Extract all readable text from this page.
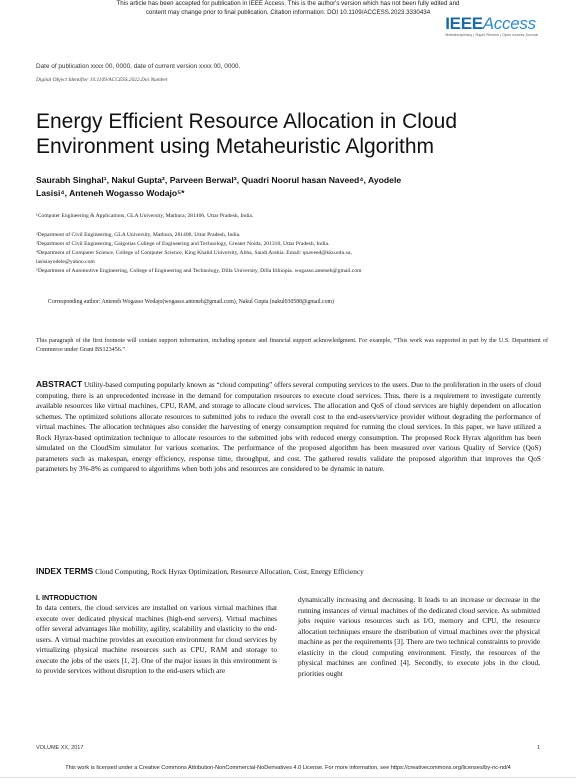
This article has been accepted for publication in IEEE Access. This is the author's version which has not been fully edited and
content may change prior to final publication. Citation information: DOI 10.1109/ACCESS.2023.3330434
IEEEAccess
Multidisciplinary | Rapid Review | Open Access Journal
Date of publication xxxx 00, 0000, date of current version xxxx 00, 0000.
Digital Object Identifier 10.1109/ACCESS.2022.Doi Number
Energy Efficient Resource Allocation in Cloud
Environment using Metaheuristic Algorithm
Saurabh Singhal¹, Nakul Gupta², Parveen Berwal³, Quadri Noorul hasan Naveed⁴, Ayodele
Lasisi⁴, Anteneh Wogasso Wodajo⁵*
¹Computer Engineering & Applications, GLA University, Mathura, 281406, Uttar Pradesh, India.
²Department of Civil Engineering, GLA University, Mathura, 281406, Uttar Pradesh, India.
³Department of Civil Engineering, Galgotias College of Engineering and Technology, Greater Noida, 201310, Uttar Pradesh, India.
⁴Department of Computer Science, College of Computer Science, King Khalid University, Abha, Saudi Arabia. Email: qnaveed@kku.edu.sa,
lasisiayodele@yahoo.com
⁵Department of Automotive Engineering, College of Engineering and Technology, Dilla University, Dilla Ethiopia. wogasso.anteneh@gmail.com
Corresponding author: Anteneh Wogasso Wodajo(wogasso.anteneh@gmail.com), Nakul Gupta (nakul030588@gmail.com)
This paragraph of the first footnote will contain support information, including sponsor and financial support acknowledgment. For example, “This work was supported in part by the U.S. Department of Commerce under Grant BS123456.”
ABSTRACT Utility-based computing popularly known as “cloud computing” offers several computing services to the users. Due to the proliferation in the users of cloud computing, there is an unprecedented increase in the demand for computation resources to execute cloud services. Thus, there is a requirement to investigate currently available resources like virtual machines, CPU, RAM, and storage to allocate cloud services. The allocation and QoS of cloud services are highly dependent on allocation schemes. The optimized solutions allocate resources to submitted jobs to reduce the overall cost to the end-users/service provider without degrading the performance of virtual machines. The allocation techniques also consider the harvesting of energy consumption required for running the cloud services. In this paper, we have utilized a Rock Hyrax-based optimization technique to allocate resources to the submitted jobs with reduced energy consumption. The proposed Rock Hyrax algorithm has been simulated on the CloudSim simulator for various scenarios. The performance of the proposed algorithm has been measured over various Quality of Service (QoS) parameters such as makespan, energy efficiency, response time, throughput, and cost. The gathered results validate the proposed algorithm that improves the QoS parameters by 3%-8% as compared to algorithms when both jobs and resources are considered to be dynamic in nature.
INDEX TERMS Cloud Computing, Rock Hyrax Optimization, Resource Allocation, Cost, Energy Efficiency
I. INTRODUCTION
In data centers, the cloud services are installed on various virtual machines that execute over dedicated physical machines (high-end servers). Virtual machines offer several advantages like mobility, agility, scalability and elasticity to the end-users. A virtual machine provides an execution environment for cloud services by virtualizing physical machine resources such as CPU, RAM and storage to execute the jobs of the users [1, 2]. One of the major issues in this environment is to provide services without disruption to the end-users which are
dynamically increasing and decreasing. It leads to an increase or decrease in the running instances of virtual machines of the dedicated cloud service. As submitted jobs require various resources such as I/O, memory and CPU, the resource allocation techniques ensure the distribution of virtual machines over the physical machine as per the requirements [3]. There are two technical constraints to provide elasticity in the cloud computing environment. Firstly, the resources of the physical machines are confined [4]. Secondly, to execute jobs in the cloud, priorities ought
VOLUME XX, 2017	1
This work is licensed under a Creative Commons Attribution-NonCommercial-NoDerivatives 4.0 License. For more information, see https://creativecommons.org/licenses/by-nc-nd/4
